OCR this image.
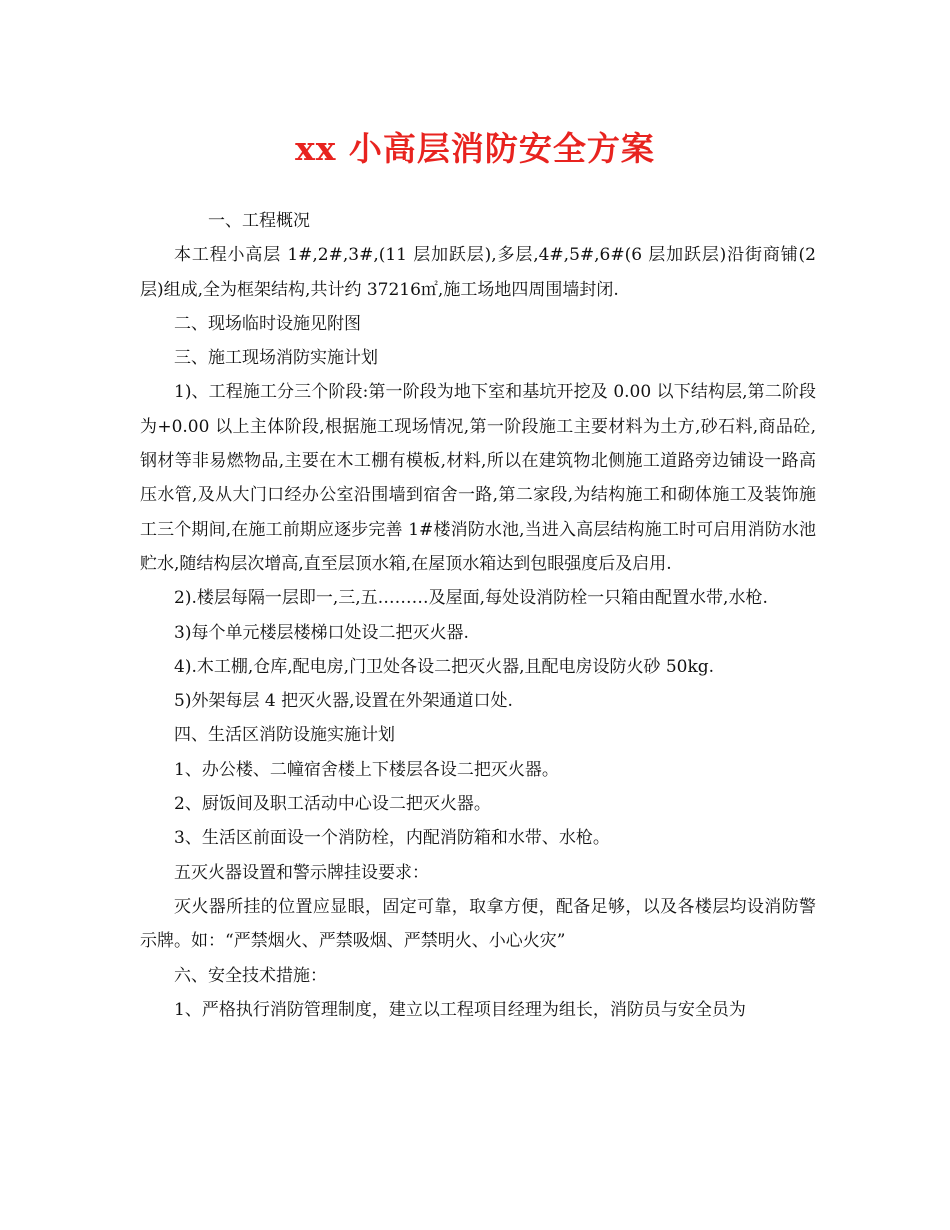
xx 小高层消防安全方案

一、工程概况

本工程小高层 1#,2#,3#,(11 层加跃层),多层,4#,5#,6#(6 层加跃层)沿街商铺(2层)组成,全为框架结构,共计约 37216㎡,施工场地四周围墙封闭.

二、现场临时设施见附图

三、施工现场消防实施计划

1)、工程施工分三个阶段:第一阶段为地下室和基坑开挖及 0.00 以下结构层,第二阶段为+0.00 以上主体阶段,根据施工现场情况,第一阶段施工主要材料为土方,砂石料,商品砼,钢材等非易燃物品,主要在木工棚有模板,材料,所以在建筑物北侧施工道路旁边铺设一路高压水管,及从大门口经办公室沿围墙到宿舍一路,第二家段,为结构施工和砌体施工及装饰施工三个期间,在施工前期应逐步完善 1#楼消防水池,当进入高层结构施工时可启用消防水池贮水,随结构层次增高,直至层顶水箱,在屋顶水箱达到包眼强度后及启用.

2).楼层每隔一层即一,三,五………及屋面,每处设消防栓一只箱由配置水带,水枪.

3)每个单元楼层楼梯口处设二把灭火器.

4).木工棚,仓库,配电房,门卫处各设二把灭火器,且配电房设防火砂 50kg.

5)外架每层 4 把灭火器,设置在外架通道口处.

四、生活区消防设施实施计划

1、办公楼、二幢宿舍楼上下楼层各设二把灭火器。

2、厨饭间及职工活动中心设二把灭火器。

3、生活区前面设一个消防栓，内配消防箱和水带、水枪。

五灭火器设置和警示牌挂设要求：

灭火器所挂的位置应显眼，固定可靠，取拿方便，配备足够，以及各楼层均设消防警示牌。如：“严禁烟火、严禁吸烟、严禁明火、小心火灾”

六、安全技术措施：

1、严格执行消防管理制度，建立以工程项目经理为组长，消防员与安全员为
